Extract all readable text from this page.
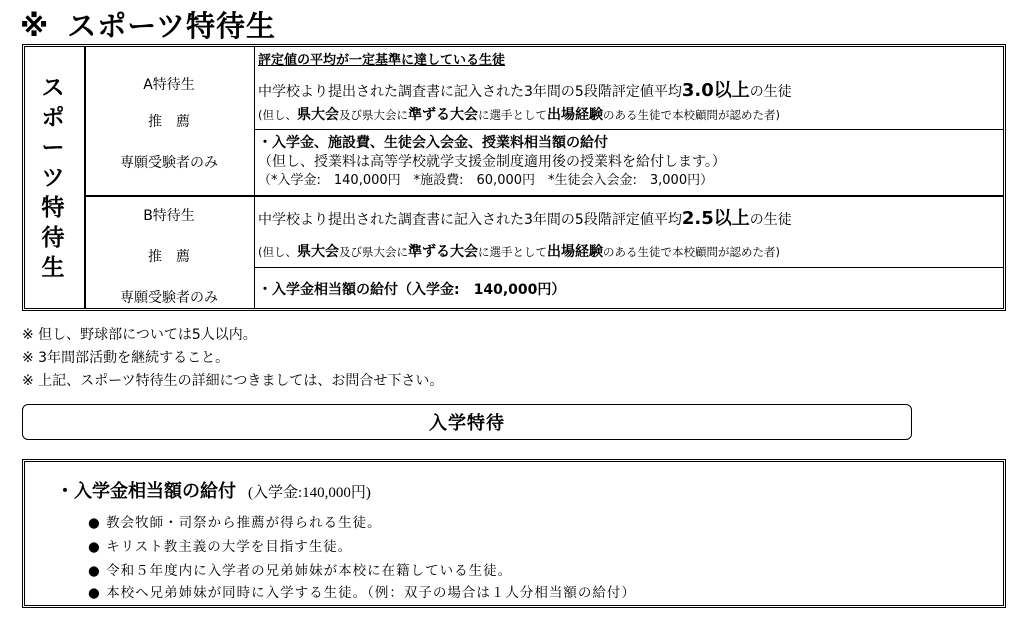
※ スポーツ特待生
ス
ポ
ー
ツ
特
待
生
A特待生
推　薦
専願受験者のみ
B特待生
推　薦
専願受験者のみ
評定値の平均が一定基準に達している生徒
中学校より提出された調査書に記入された3年間の5段階評定値平均3.0以上の生徒
(但し、県大会及び県大会に準ずる大会に選手として出場経験のある生徒で本校顧問が認めた者)
・入学金、施設費、生徒会入会金、授業料相当額の給付
（但し、授業料は高等学校就学支援金制度適用後の授業料を給付します。）
（*入学金:　140,000円　*施設費:　60,000円　*生徒会入会金:　3,000円）
中学校より提出された調査書に記入された3年間の5段階評定値平均2.5以上の生徒
(但し、県大会及び県大会に準ずる大会に選手として出場経験のある生徒で本校顧問が認めた者)
・入学金相当額の給付（入学金:　140,000円）
※ 但し、野球部については5人以内。
※ 3年間部活動を継続すること。
※ 上記、スポーツ特待生の詳細につきましては、お問合せ下さい。
入学特待
・入学金相当額の給付 (入学金:140,000円)
● 教会牧師・司祭から推薦が得られる生徒。
● キリスト教主義の大学を目指す生徒。
● 令和５年度内に入学者の兄弟姉妹が本校に在籍している生徒。
● 本校へ兄弟姉妹が同時に入学する生徒。（例：双子の場合は１人分相当額の給付）
